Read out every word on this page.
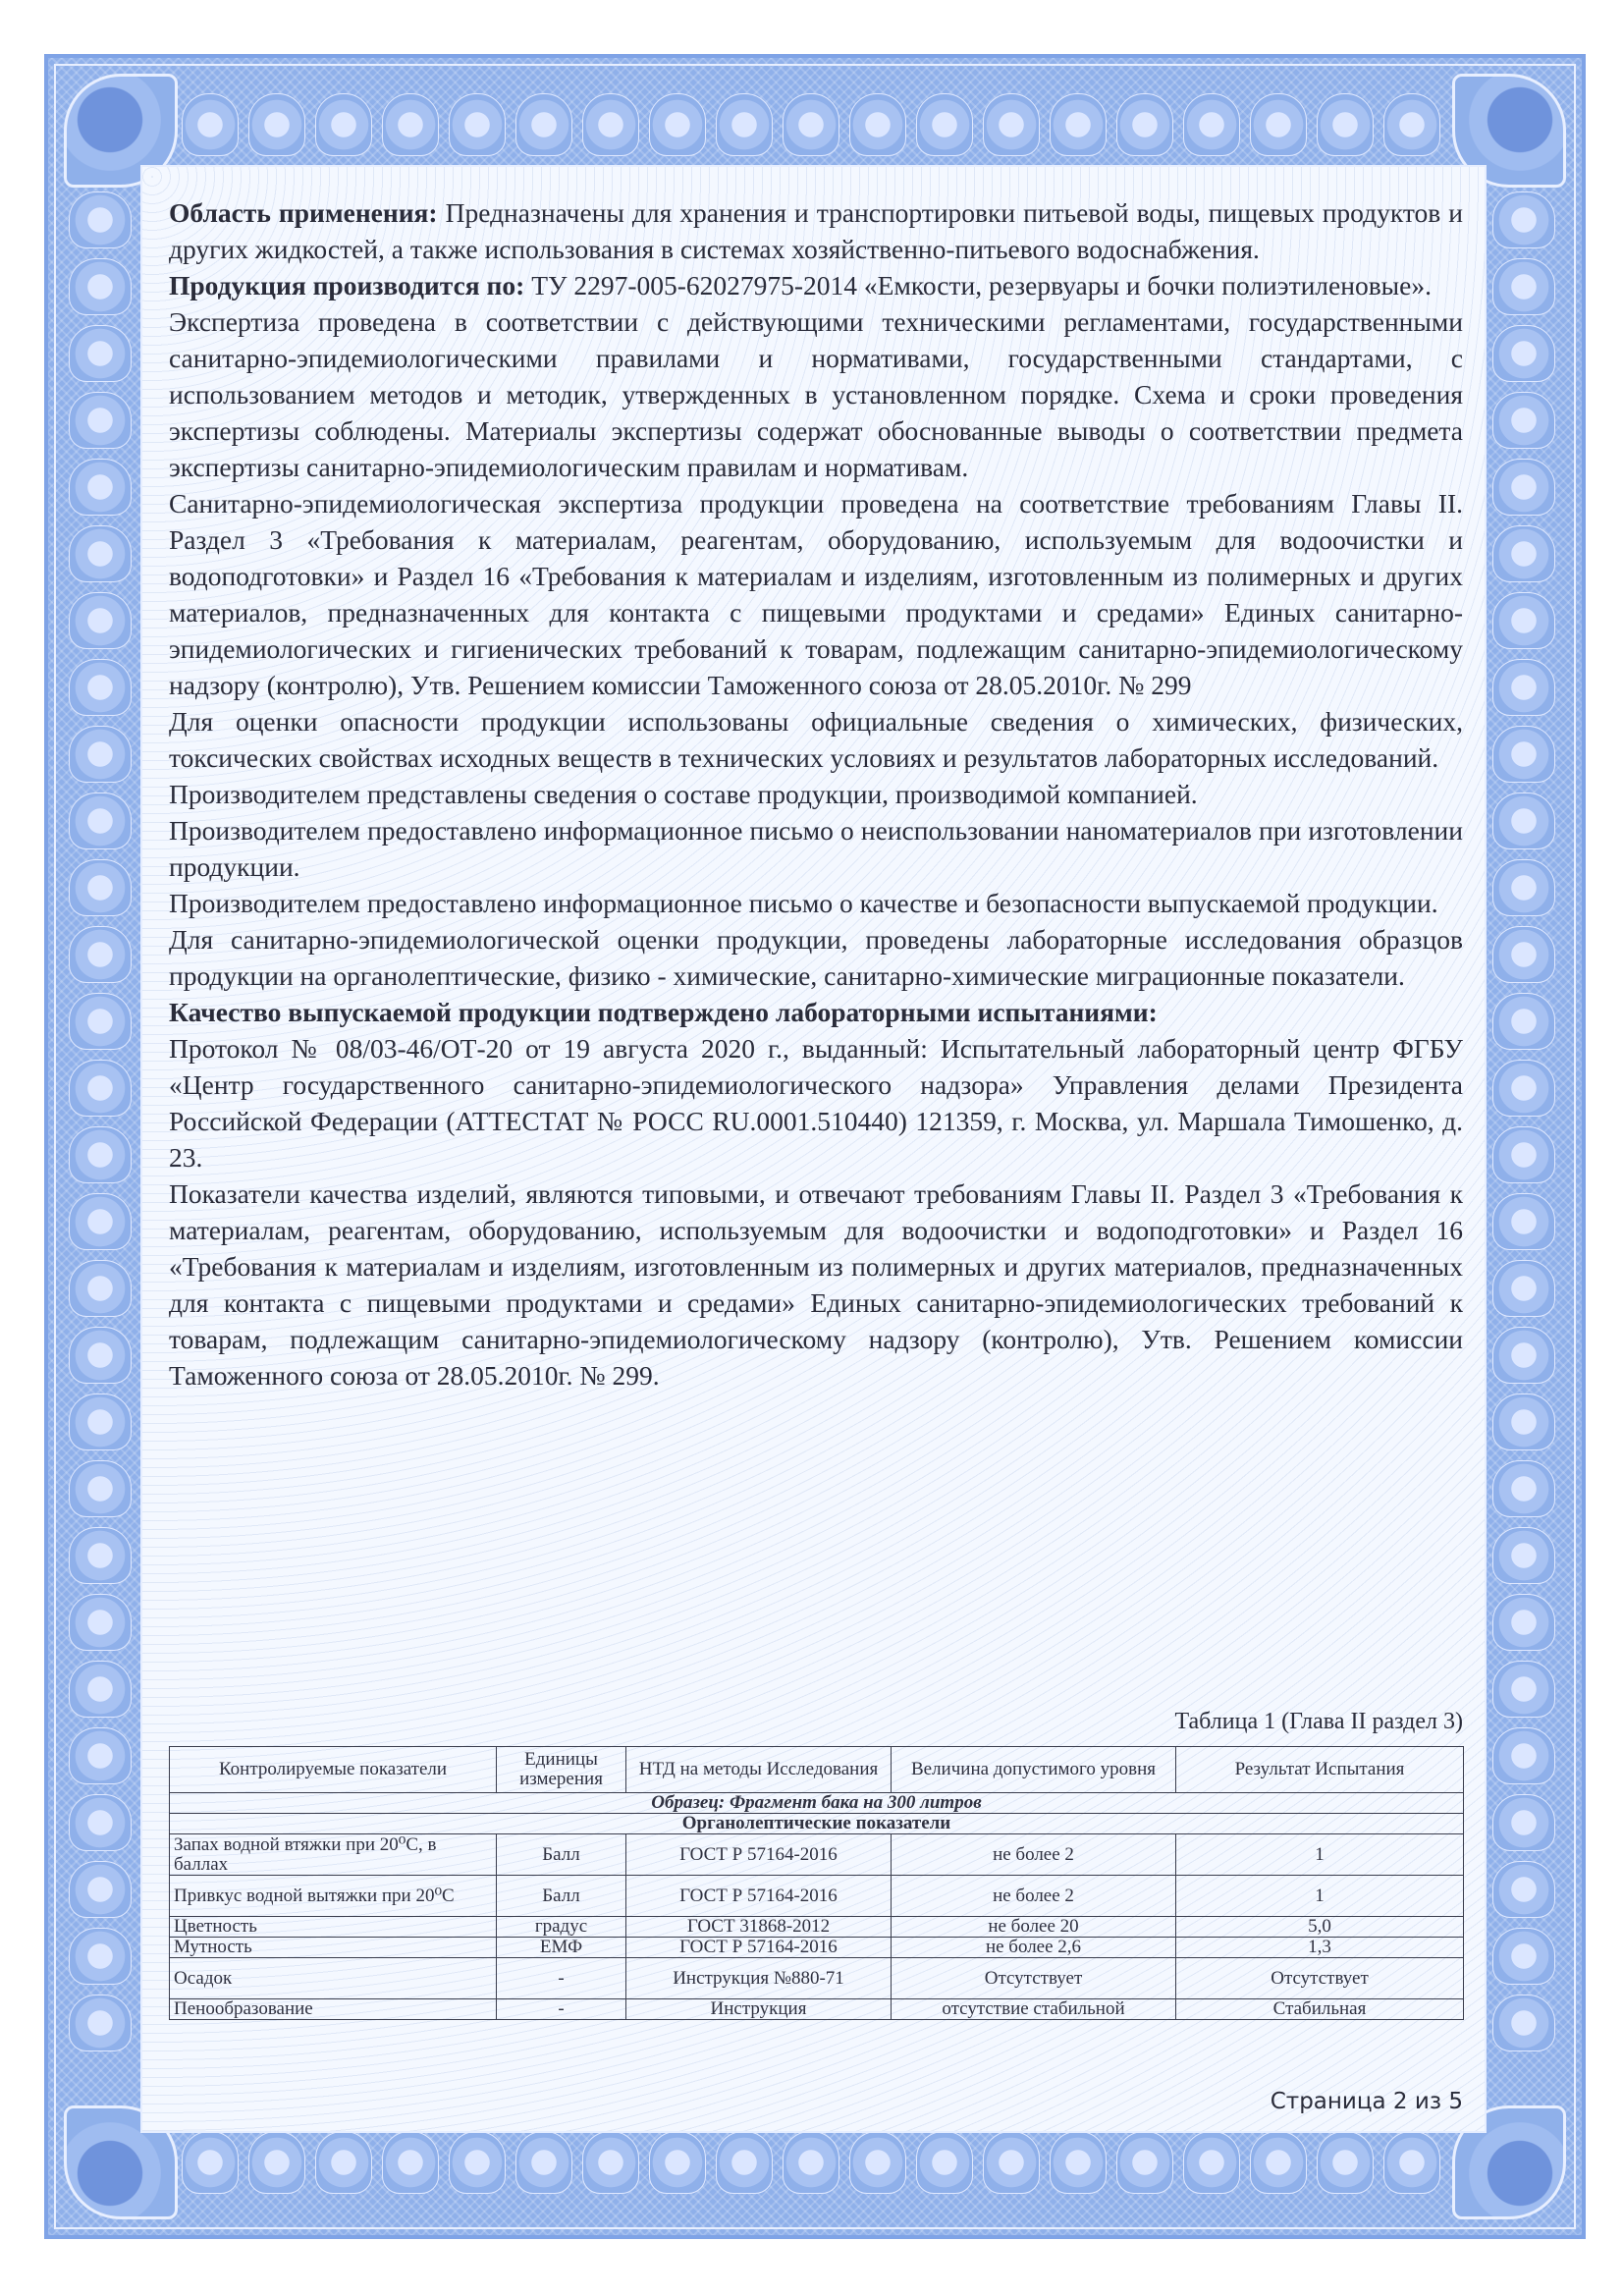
Область применения: Предназначены для хранения и транспортировки питьевой воды, пищевых продуктов и других жидкостей, а также использования в системах хозяйственно-питьевого водоснабжения.

Продукция производится по: ТУ 2297-005-62027975-2014 «Емкости, резервуары и бочки полиэтиленовые».

Экспертиза проведена в соответствии с действующими техническими регламентами, государственными санитарно-эпидемиологическими правилами и нормативами, государственными стандартами, с использованием методов и методик, утвержденных в установленном порядке. Схема и сроки проведения экспертизы соблюдены. Материалы экспертизы содержат обоснованные выводы о соответствии предмета экспертизы санитарно-эпидемиологическим правилам и нормативам.

Санитарно-эпидемиологическая экспертиза продукции проведена на соответствие требованиям Главы II. Раздел 3 «Требования к материалам, реагентам, оборудованию, используемым для водоочистки и водоподготовки» и Раздел 16 «Требования к материалам и изделиям, изготовленным из полимерных и других материалов, предназначенных для контакта с пищевыми продуктами и средами» Единых санитарно-эпидемиологических и гигиенических требований к товарам, подлежащим санитарно-эпидемиологическому надзору (контролю), Утв. Решением комиссии Таможенного союза от 28.05.2010г. № 299

Для оценки опасности продукции использованы официальные сведения о химических, физических, токсических свойствах исходных веществ в технических условиях и результатов лабораторных исследований.

Производителем представлены сведения о составе продукции, производимой компанией.

Производителем предоставлено информационное письмо о неиспользовании наноматериалов при изготовлении продукции.

Производителем предоставлено информационное письмо о качестве и безопасности выпускаемой продукции.

Для санитарно-эпидемиологической оценки продукции, проведены лабораторные исследования образцов продукции на органолептические, физико - химические, санитарно-химические миграционные показатели.

Качество выпускаемой продукции подтверждено лабораторными испытаниями:

Протокол № 08/03-46/ОТ-20 от 19 августа 2020 г., выданный: Испытательный лабораторный центр ФГБУ «Центр государственного санитарно-эпидемиологического надзора» Управления делами Президента Российской Федерации (АТТЕСТАТ № РОСС RU.0001.510440) 121359, г. Москва, ул. Маршала Тимошенко, д. 23.

Показатели качества изделий, являются типовыми, и отвечают требованиям Главы II. Раздел 3 «Требования к материалам, реагентам, оборудованию, используемым для водоочистки и водоподготовки» и Раздел 16 «Требования к материалам и изделиям, изготовленным из полимерных и других материалов, предназначенных для контакта с пищевыми продуктами и средами» Единых санитарно-эпидемиологических требований к товарам, подлежащим санитарно-эпидемиологическому надзору (контролю), Утв. Решением комиссии Таможенного союза от 28.05.2010г. № 299.

Таблица 1 (Глава II раздел 3)
Контролируемые показатели	Единицы измерения	НТД на методы Исследования	Величина допустимого уровня	Результат Испытания
Образец: Фрагмент бака на 300 литров				
Органолептические показатели				
Запах водной втяжки при 20⁰С, в баллах	Балл	ГОСТ Р 57164-2016	не более 2	1
Привкус водной вытяжки при 20⁰С	Балл	ГОСТ Р 57164-2016	не более 2	1
Цветность	градус	ГОСТ 31868-2012	не более 20	5,0
Мутность	ЕМФ	ГОСТ Р 57164-2016	не более 2,6	1,3
Осадок	-	Инструкция №880-71	Отсутствует	Отсутствует
Пенообразование	-	Инструкция	отсутствие стабильной	Стабильная
Страница 2 из 5
